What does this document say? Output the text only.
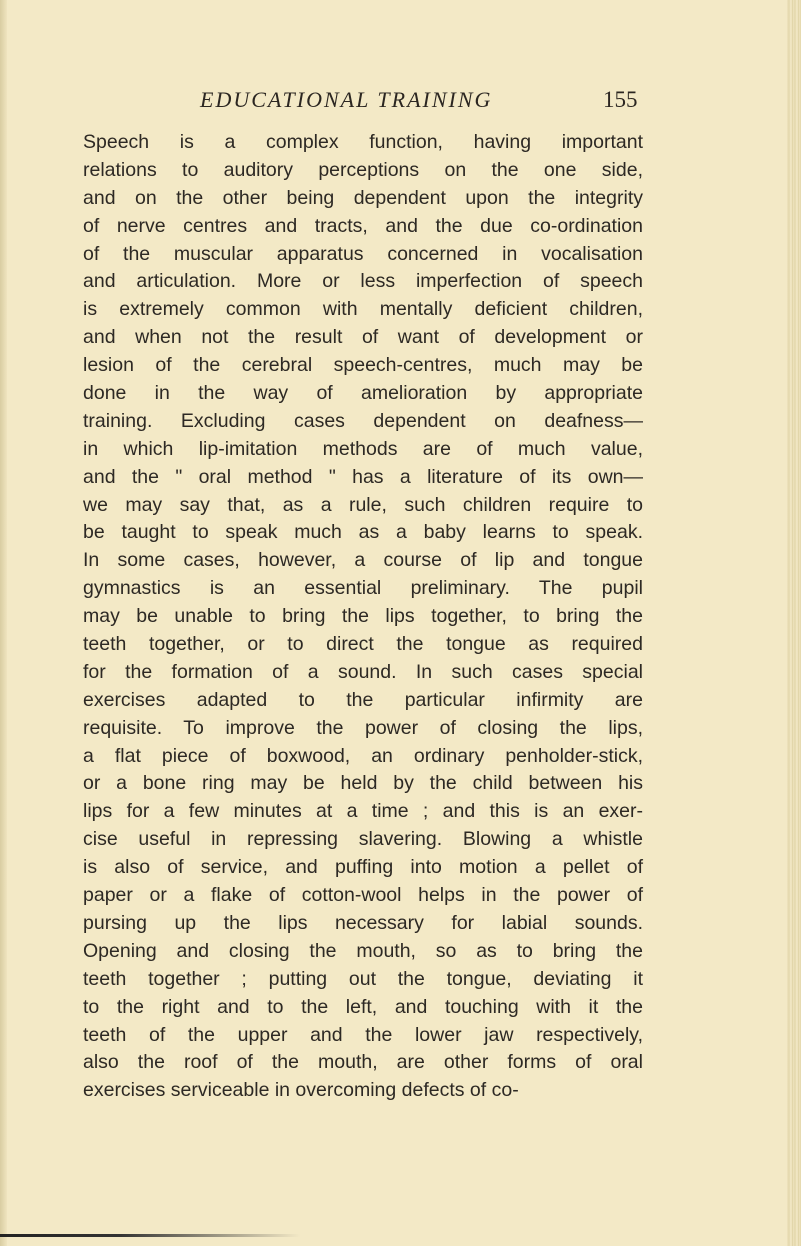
EDUCATIONAL TRAINING	155
Speech is a complex function, having important
relations to auditory perceptions on the one side,
and on the other being dependent upon the integrity
of nerve centres and tracts, and the due co-ordination
of the muscular apparatus concerned in vocalisation
and articulation. More or less imperfection of speech
is extremely common with mentally deficient children,
and when not the result of want of development or
lesion of the cerebral speech-centres, much may be
done in the way of amelioration by appropriate
training. Excluding cases dependent on deafness—
in which lip-imitation methods are of much value,
and the " oral method " has a literature of its own—
we may say that, as a rule, such children require to
be taught to speak much as a baby learns to speak.
In some cases, however, a course of lip and tongue
gymnastics is an essential preliminary. The pupil
may be unable to bring the lips together, to bring the
teeth together, or to direct the tongue as required
for the formation of a sound. In such cases special
exercises adapted to the particular infirmity are
requisite. To improve the power of closing the lips,
a flat piece of boxwood, an ordinary penholder-stick,
or a bone ring may be held by the child between his
lips for a few minutes at a time ; and this is an exer-
cise useful in repressing slavering. Blowing a whistle
is also of service, and puffing into motion a pellet of
paper or a flake of cotton-wool helps in the power of
pursing up the lips necessary for labial sounds.
Opening and closing the mouth, so as to bring the
teeth together ; putting out the tongue, deviating it
to the right and to the left, and touching with it the
teeth of the upper and the lower jaw respectively,
also the roof of the mouth, are other forms of oral
exercises serviceable in overcoming defects of co-
